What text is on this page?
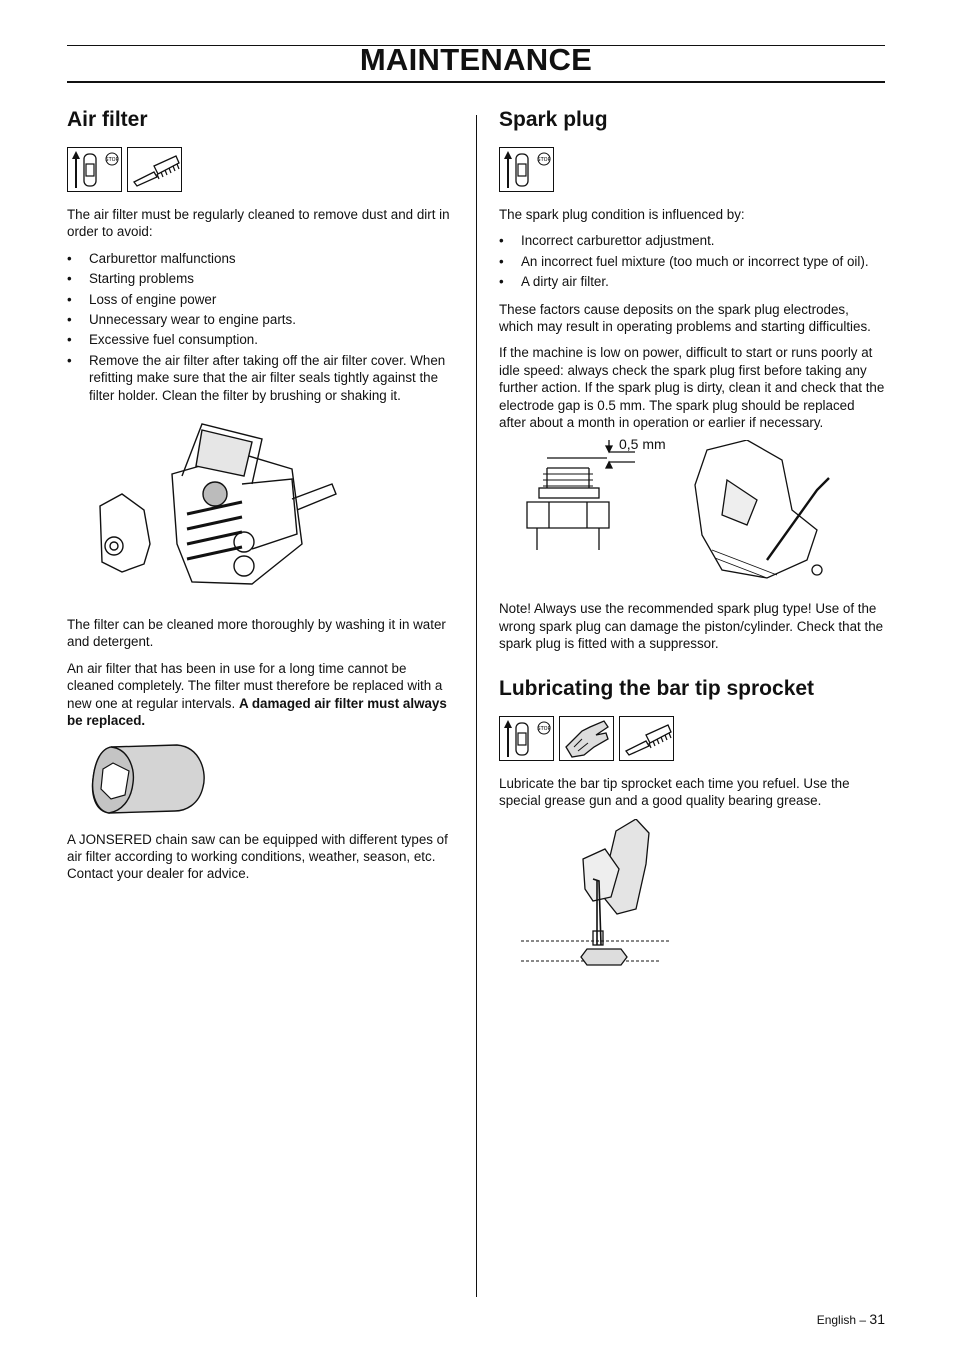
MAINTENANCE
Air filter
STOP

The air filter must be regularly cleaned to remove dust and dirt in order to avoid:

• Carburettor malfunctions
• Starting problems
• Loss of engine power
• Unnecessary wear to engine parts.
• Excessive fuel consumption.
• Remove the air filter after taking off the air filter cover. When refitting make sure that the air filter seals tightly against the filter holder. Clean the filter by brushing or shaking it.

The filter can be cleaned more thoroughly by washing it in water and detergent.

An air filter that has been in use for a long time cannot be cleaned completely. The filter must therefore be replaced with a new one at regular intervals. A damaged air filter must always be replaced.

A JONSERED chain saw can be equipped with different types of air filter according to working conditions, weather, season, etc. Contact your dealer for advice.

Spark plug
STOP

The spark plug condition is influenced by:

• Incorrect carburettor adjustment.
• An incorrect fuel mixture (too much or incorrect type of oil).
• A dirty air filter.

These factors cause deposits on the spark plug electrodes, which may result in operating problems and starting difficulties.

If the machine is low on power, difficult to start or runs poorly at idle speed: always check the spark plug first before taking any further action. If the spark plug is dirty, clean it and check that the electrode gap is 0.5 mm. The spark plug should be replaced after about a month in operation or earlier if necessary.

0,5 mm

Note! Always use the recommended spark plug type! Use of the wrong spark plug can damage the piston/cylinder. Check that the spark plug is fitted with a suppressor.

Lubricating the bar tip sprocket
STOP

Lubricate the bar tip sprocket each time you refuel. Use the special grease gun and a good quality bearing grease.

English – 31
